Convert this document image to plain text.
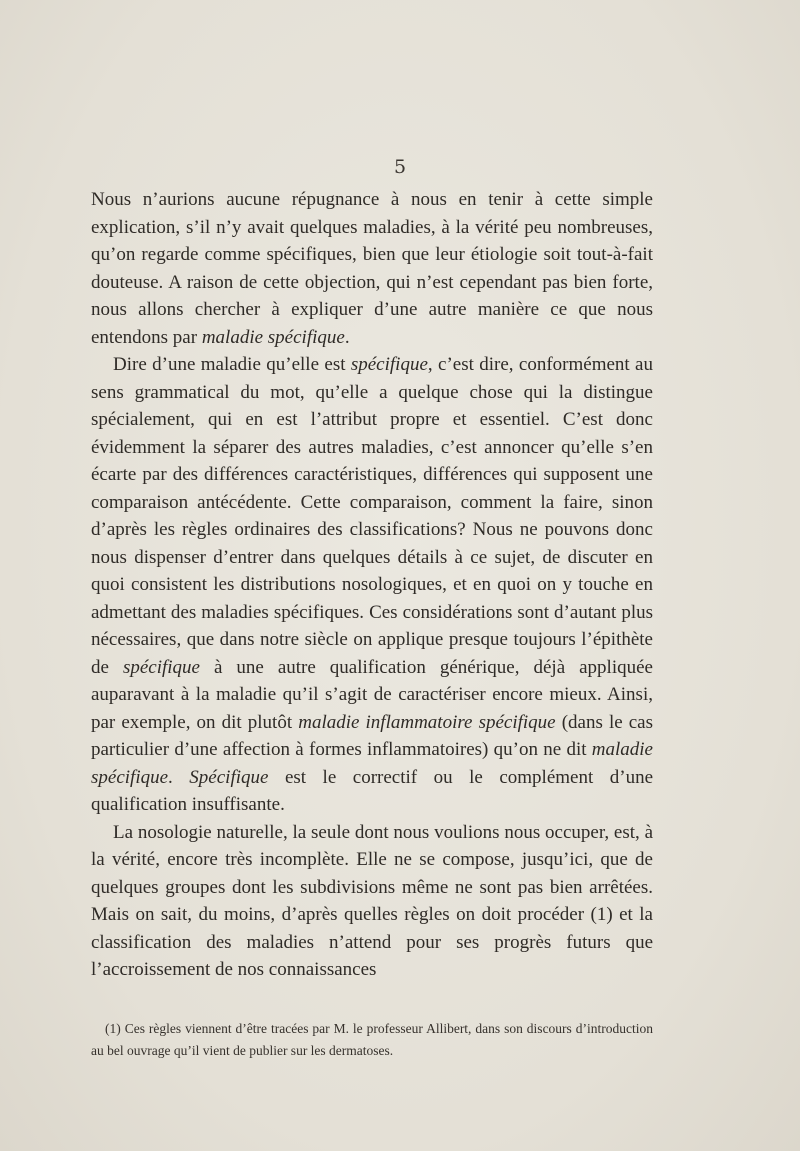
5

Nous n’aurions aucune répugnance à nous en tenir à cette simple explication, s’il n’y avait quelques maladies, à la vérité peu nombreuses, qu’on regarde comme spécifiques, bien que leur étiologie soit tout-à-fait douteuse. A raison de cette objection, qui n’est cependant pas bien forte, nous allons chercher à expliquer d’une autre manière ce que nous entendons par maladie spécifique.

Dire d’une maladie qu’elle est spécifique, c’est dire, conformément au sens grammatical du mot, qu’elle a quelque chose qui la distingue spécialement, qui en est l’attribut propre et essentiel. C’est donc évidemment la séparer des autres maladies, c’est annoncer qu’elle s’en écarte par des différences caractéristiques, différences qui supposent une comparaison antécédente. Cette comparaison, comment la faire, sinon d’après les règles ordinaires des classifications? Nous ne pouvons donc nous dispenser d’entrer dans quelques détails à ce sujet, de discuter en quoi consistent les distributions nosologiques, et en quoi on y touche en admettant des maladies spécifiques. Ces considérations sont d’autant plus nécessaires, que dans notre siècle on applique presque toujours l’épithète de spécifique à une autre qualification générique, déjà appliquée auparavant à la maladie qu’il s’agit de caractériser encore mieux. Ainsi, par exemple, on dit plutôt maladie inflammatoire spécifique (dans le cas particulier d’une affection à formes inflammatoires) qu’on ne dit maladie spécifique. Spécifique est le correctif ou le complément d’une qualification insuffisante.

La nosologie naturelle, la seule dont nous voulions nous occuper, est, à la vérité, encore très incomplète. Elle ne se compose, jusqu’ici, que de quelques groupes dont les subdivisions même ne sont pas bien arrêtées. Mais on sait, du moins, d’après quelles règles on doit procéder (1) et la classification des maladies n’attend pour ses progrès futurs que l’accroissement de nos connaissances

(1) Ces règles viennent d’être tracées par M. le professeur Allibert, dans son discours d’introduction au bel ouvrage qu’il vient de publier sur les dermatoses.
